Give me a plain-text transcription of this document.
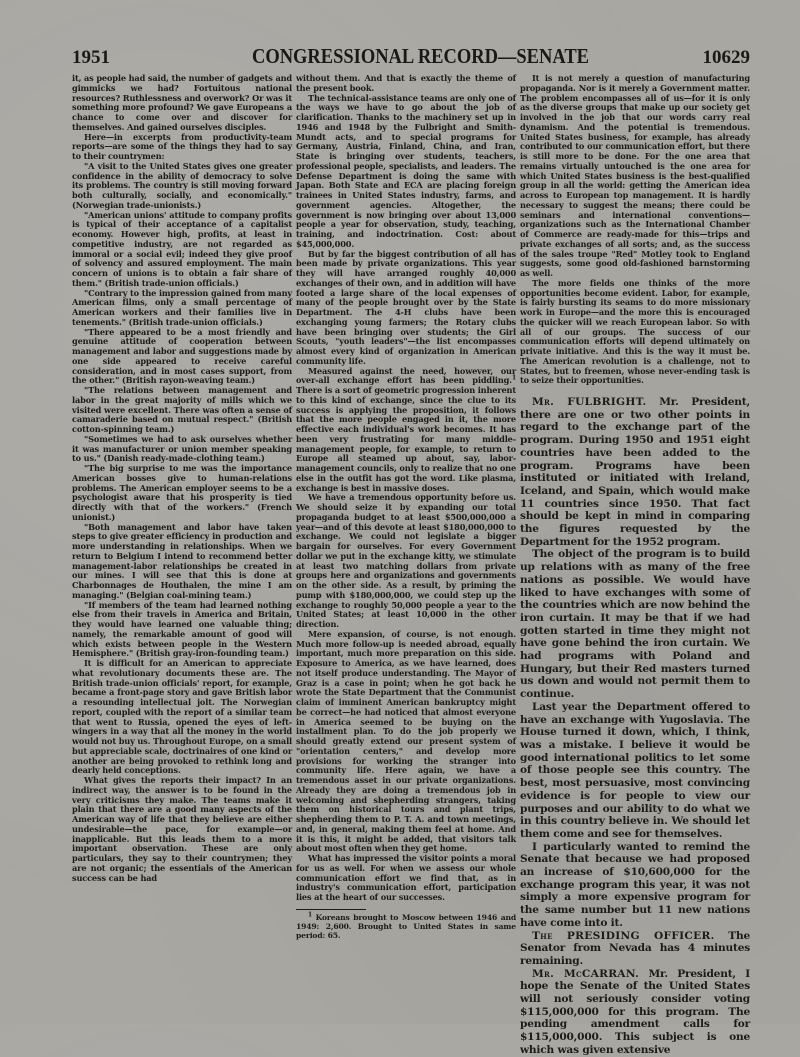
1951	CONGRESSIONAL RECORD—SENATE	10629

it, as people had said, the number of gadgets and gimmicks we had? Fortuitous national resources? Ruthlessness and overwork? Or was it something more profound? We gave Europeans a chance to come over and discover for themselves. And gained ourselves disciples.

Here—in excerpts from productivity-team reports—are some of the things they had to say to their countrymen:

"A visit to the United States gives one greater confidence in the ability of democracy to solve its problems. The country is still moving forward both culturally, socially, and economically." (Norwegian trade-unionists.)

"American unions' attitude to company profits is typical of their acceptance of a capitalist economy. However high, profits, at least in competitive industry, are not regarded as immoral or a social evil; indeed they give proof of solvency and assured employment. The main concern of unions is to obtain a fair share of them." (British trade-union officials.)

"Contrary to the impression gained from many American films, only a small percentage of American workers and their families live in tenements." (British trade-union officials.)

"There appeared to be a most friendly and genuine attitude of cooperation between management and labor and suggestions made by one side appeared to receive careful consideration, and in most cases support, from the other." (British rayon-weaving team.)

"The relations between management and labor in the great majority of mills which we visited were excellent. There was often a sense of camaraderie based on mutual respect." (British cotton-spinning team.)

"Sometimes we had to ask ourselves whether it was manufacturer or union member speaking to us." (Danish ready-made-clothing team.)

"The big surprise to me was the importance American bosses give to human-relations problems. The American employer seems to be a psychologist aware that his prosperity is tied directly with that of the workers." (French unionist.)

"Both management and labor have taken steps to give greater efficiency in production and more understanding in relationships. When we return to Belgium I intend to recommend better management-labor relationships be created in our mines. I will see that this is done at Charbonnages de Houthalen, the mine I am managing." (Belgian coal-mining team.)

"If members of the team had learned nothing else from their travels in America and Britain, they would have learned one valuable thing; namely, the remarkable amount of good will which exists between people in the Western Hemisphere." (British gray-iron-founding team.)

It is difficult for an American to appreciate what revolutionary documents these are. The British trade-union officials' report, for example, became a front-page story and gave British labor a resounding intellectual jolt. The Norwegian report, coupled with the report of a similar team that went to Russia, opened the eyes of left-wingers in a way that all the money in the world would not buy us. Throughout Europe, on a small but appreciable scale, doctrinaires of one kind or another are being provoked to rethink long and dearly held conceptions.

What gives the reports their impact? In an indirect way, the answer is to be found in the very criticisms they make. The teams make it plain that there are a good many aspects of the American way of life that they believe are either undesirable—the pace, for example—or inapplicable. But this leads them to a more important observation. These are only particulars, they say to their countrymen; they are not organic; the essentials of the American success can be had

without them. And that is exactly the theme of the present book.

The technical-assistance teams are only one of the ways we have to go about the job of clarification. Thanks to the machinery set up in 1946 and 1948 by the Fulbright and Smith-Mundt acts, and to special programs for Germany, Austria, Finland, China, and Iran, State is bringing over students, teachers, professional people, specialists, and leaders. The Defense Department is doing the same with Japan. Both State and ECA are placing foreign trainees in United States industry, farms, and government agencies. Altogether, the government is now bringing over about 13,000 people a year for observation, study, teaching, training, and indoctrination. Cost: about $45,000,000.

But by far the biggest contribution of all has been made by private organizations. This year they will have arranged roughly 40,000 exchanges of their own, and in addition will have footed a large share of the local expenses of many of the people brought over by the State Department. The 4-H clubs have been exchanging young farmers; the Rotary clubs have been bringing over students; the Girl Scouts, "youth leaders"—the list encompasses almost every kind of organization in American community life.

Measured against the need, however, our over-all exchange effort has been piddling.$^1$ There is a sort of geometric progression inherent to this kind of exchange, since the clue to its success is applying the proposition, it follows that the more people engaged in it, the more effective each individual's work becomes. It has been very frustrating for many middle-management people, for example, to return to Europe all steamed up about, say, labor-management councils, only to realize that no one else in the outfit has got the word. Like plasma, exchange is best in massive doses.

We have a tremendous opportunity before us. We should seize it by expanding our total propaganda budget to at least $500,000,000 a year—and of this devote at least $180,000,000 to exchange. We could not legislate a bigger bargain for ourselves. For every Government dollar we put in the exchange kitty, we stimulate at least two matching dollars from private groups here and organizations and governments on the other side. As a result, by priming the pump with $180,000,000, we could step up the exchange to roughly 50,000 people a year to the United States; at least 10,000 in the other direction.

Mere expansion, of course, is not enough. Much more follow-up is needed abroad, equally important, much more preparation on this side. Exposure to America, as we have learned, does not itself produce understanding. The Mayor of Graz is a case in point; when he got back he wrote the State Department that the Communist claim of imminent American bankruptcy might be correct—he had noticed that almost everyone in America seemed to be buying on the installment plan. To do the job properly we should greatly extend our present system of "orientation centers," and develop more provisions for working the stranger into community life. Here again, we have a tremendous asset in our private organizations. Already they are doing a tremendous job in welcoming and shepherding strangers, taking them on historical tours and plant trips, shepherding them to P. T. A. and town meetings, and, in general, making them feel at home. And it is this, it might be added, that visitors talk about most often when they get home.

What has impressed the visitor points a moral for us as well. For when we assess our whole communication effort we find that, as in industry's communication effort, participation lies at the heart of our successes.

$^1$ Koreans brought to Moscow between 1946 and 1949: 2,600. Brought to United States in same period: 65.

It is not merely a question of manufacturing propaganda. Nor is it merely a Government matter. The problem encompasses all of us—for it is only as the diverse groups that make up our society get involved in the job that our words carry real dynamism. And the potential is tremendous. United States business, for example, has already contributed to our communication effort, but there is still more to be done. For the one area that remains virtually untouched is the one area for which United States business is the best-qualified group in all the world: getting the American idea across to European top management. It is hardly necessary to suggest the means; there could be seminars and international conventions—organizations such as the International Chamber of Commerce are ready-made for this—trips and private exchanges of all sorts; and, as the success of the sales troupe "Red" Motley took to England suggests, some good old-fashioned barnstorming as well.

The more fields one thinks of the more opportunities become evident. Labor, for example, is fairly bursting its seams to do more missionary work in Europe—and the more this is encouraged the quicker will we reach European labor. So with all of our groups. The success of our communication efforts will depend ultimately on private initiative. And this is the way it must be. The American revolution is a challenge, not to States, but to freemen, whose never-ending task is to seize their opportunities.

Mr. FULBRIGHT. Mr. President, there are one or two other points in regard to the exchange part of the program. During 1950 and 1951 eight countries have been added to the program. Programs have been instituted or initiated with Ireland, Iceland, and Spain, which would make 11 countries since 1950. That fact should be kept in mind in comparing the figures requested by the Department for the 1952 program.

The object of the program is to build up relations with as many of the free nations as possible. We would have liked to have exchanges with some of the countries which are now behind the iron curtain. It may be that if we had gotten started in time they might not have gone behind the iron curtain. We had programs with Poland and Hungary, but their Red masters turned us down and would not permit them to continue.

Last year the Department offered to have an exchange with Yugoslavia. The House turned it down, which, I think, was a mistake. I believe it would be good international politics to let some of those people see this country. The best, most persuasive, most convincing evidence is for people to view our purposes and our ability to do what we in this country believe in. We should let them come and see for themselves.

I particularly wanted to remind the Senate that because we had proposed an increase of $10,600,000 for the exchange program this year, it was not simply a more expensive program for the same number but 11 new nations have come into it.

The PRESIDING OFFICER. The Senator from Nevada has 4 minutes remaining.

Mr. McCARRAN. Mr. President, I hope the Senate of the United States will not seriously consider voting $115,000,000 for this program. The pending amendment calls for $115,000,000. This subject is one which was given extensive
